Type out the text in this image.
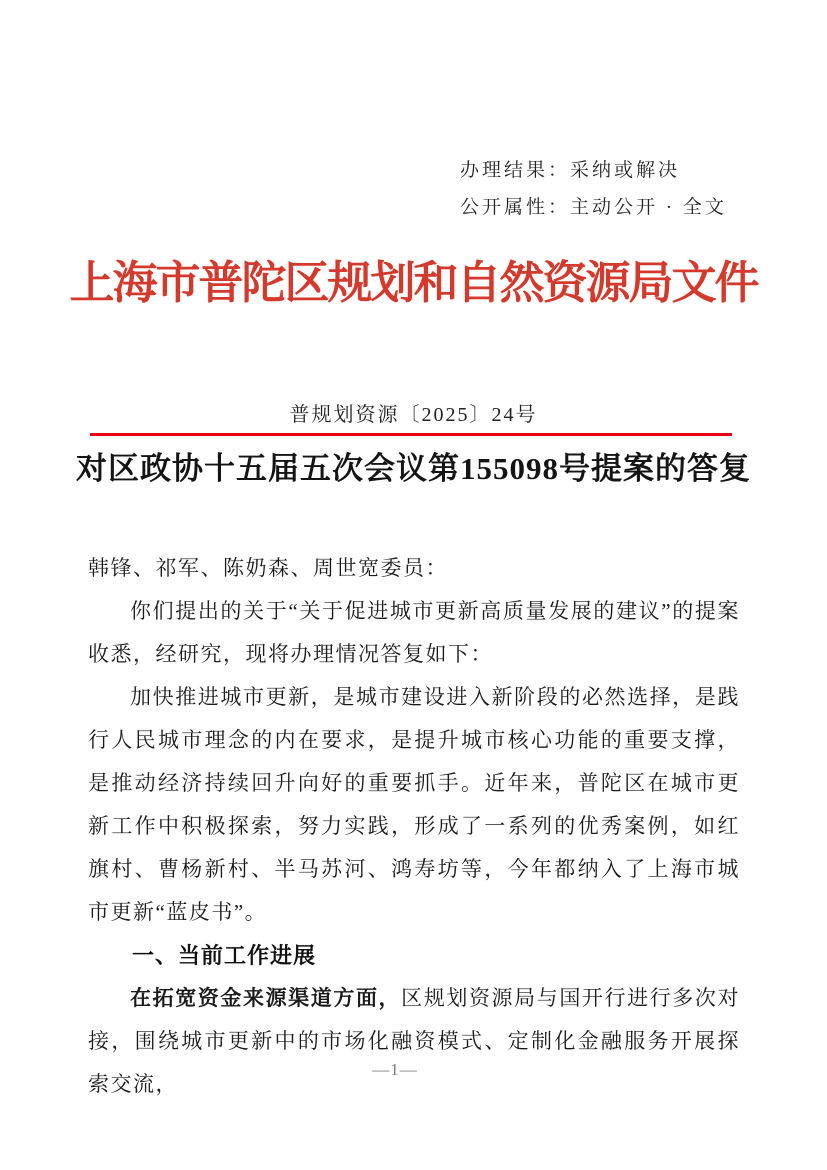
办理结果：采纳或解决
公开属性：主动公开 · 全文
上海市普陀区规划和自然资源局文件
普规划资源〔2025〕24号
对区政协十五届五次会议第155098号提案的答复

韩锋、祁军、陈奶森、周世宽委员：

你们提出的关于“关于促进城市更新高质量发展的建议”的提案收悉，经研究，现将办理情况答复如下：

加快推进城市更新，是城市建设进入新阶段的必然选择，是践行人民城市理念的内在要求，是提升城市核心功能的重要支撑，是推动经济持续回升向好的重要抓手。近年来，普陀区在城市更新工作中积极探索，努力实践，形成了一系列的优秀案例，如红旗村、曹杨新村、半马苏河、鸿寿坊等，今年都纳入了上海市城市更新“蓝皮书”。

一、当前工作进展

在拓宽资金来源渠道方面，区规划资源局与国开行进行多次对接，围绕城市更新中的市场化融资模式、定制化金融服务开展探索交流，

—1—
